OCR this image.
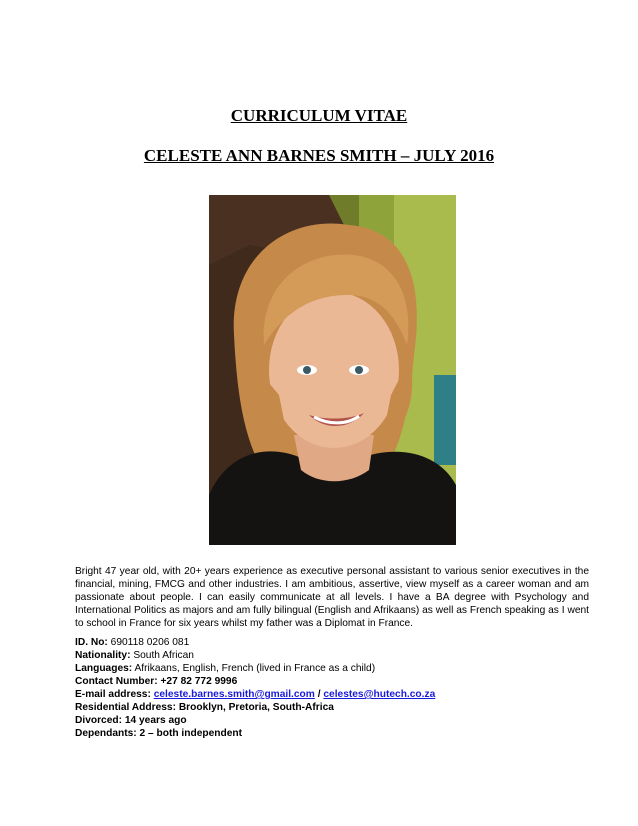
CURRICULUM VITAE
CELESTE ANN BARNES SMITH – JULY 2016
Bright 47 year old, with 20+ years experience as executive personal assistant to various senior executives in the financial, mining, FMCG and other industries. I am ambitious, assertive, view myself as a career woman and am passionate about people. I can easily communicate at all levels. I have a BA degree with Psychology and International Politics as majors and am fully bilingual (English and Afrikaans) as well as French speaking as I went to school in France for six years whilst my father was a Diplomat in France.
ID. No: 690118 0206 081
Nationality: South African
Languages: Afrikaans, English, French (lived in France as a child)
Contact Number: +27 82 772 9996
E-mail address: celeste.barnes.smith@gmail.com / celestes@hutech.co.za
Residential Address: Brooklyn, Pretoria, South-Africa
Divorced: 14 years ago
Dependants: 2 – both independent
